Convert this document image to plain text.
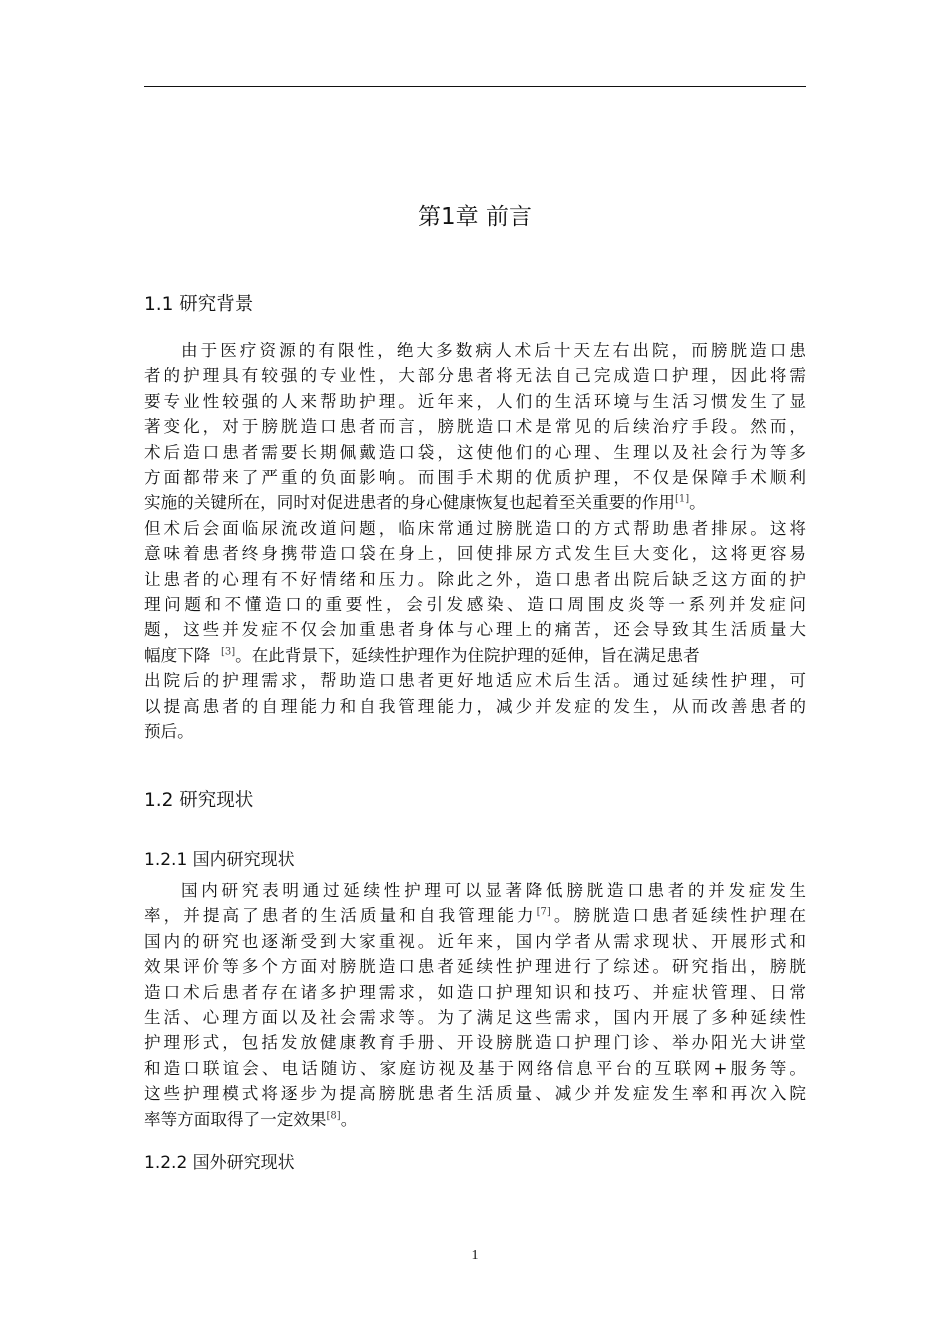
第1章 前言
1.1 研究背景
由于医疗资源的有限性，绝大多数病人术后十天左右出院，而膀胱造口患
者的护理具有较强的专业性，大部分患者将无法自己完成造口护理，因此将需
要专业性较强的人来帮助护理。近年来，人们的生活环境与生活习惯发生了显
著变化，对于膀胱造口患者而言，膀胱造口术是常见的后续治疗手段。然而，
术后造口患者需要长期佩戴造口袋，这使他们的心理、生理以及社会行为等多
方面都带来了严重的负面影响。而围手术期的优质护理，不仅是保障手术顺利
实施的关键所在，同时对促进患者的身心健康恢复也起着至关重要的作用[1]。
但术后会面临尿流改道问题，临床常通过膀胱造口的方式帮助患者排尿。这将
意味着患者终身携带造口袋在身上，回使排尿方式发生巨大变化，这将更容易
让患者的心理有不好情绪和压力。除此之外，造口患者出院后缺乏这方面的护
理问题和不懂造口的重要性，会引发感染、造口周围皮炎等一系列并发症问
题，这些并发症不仅会加重患者身体与心理上的痛苦，还会导致其生活质量大
幅度下降 [3]。在此背景下，延续性护理作为住院护理的延伸，旨在满足患者
出院后的护理需求，帮助造口患者更好地适应术后生活。通过延续性护理，可
以提高患者的自理能力和自我管理能力，减少并发症的发生，从而改善患者的
预后。
1.2 研究现状
1.2.1 国内研究现状
国内研究表明通过延续性护理可以显著降低膀胱造口患者的并发症发生
率，并提高了患者的生活质量和自我管理能力[7]。膀胱造口患者延续性护理在
国内的研究也逐渐受到大家重视。近年来，国内学者从需求现状、开展形式和
效果评价等多个方面对膀胱造口患者延续性护理进行了综述。研究指出，膀胱
造口术后患者存在诸多护理需求，如造口护理知识和技巧、并症状管理、日常
生活、心理方面以及社会需求等。为了满足这些需求，国内开展了多种延续性
护理形式，包括发放健康教育手册、开设膀胱造口护理门诊、举办阳光大讲堂
和造口联谊会、电话随访、家庭访视及基于网络信息平台的互联网+服务等。
这些护理模式将逐步为提高膀胱患者生活质量、减少并发症发生率和再次入院
率等方面取得了一定效果[8]。
1.2.2 国外研究现状
1
